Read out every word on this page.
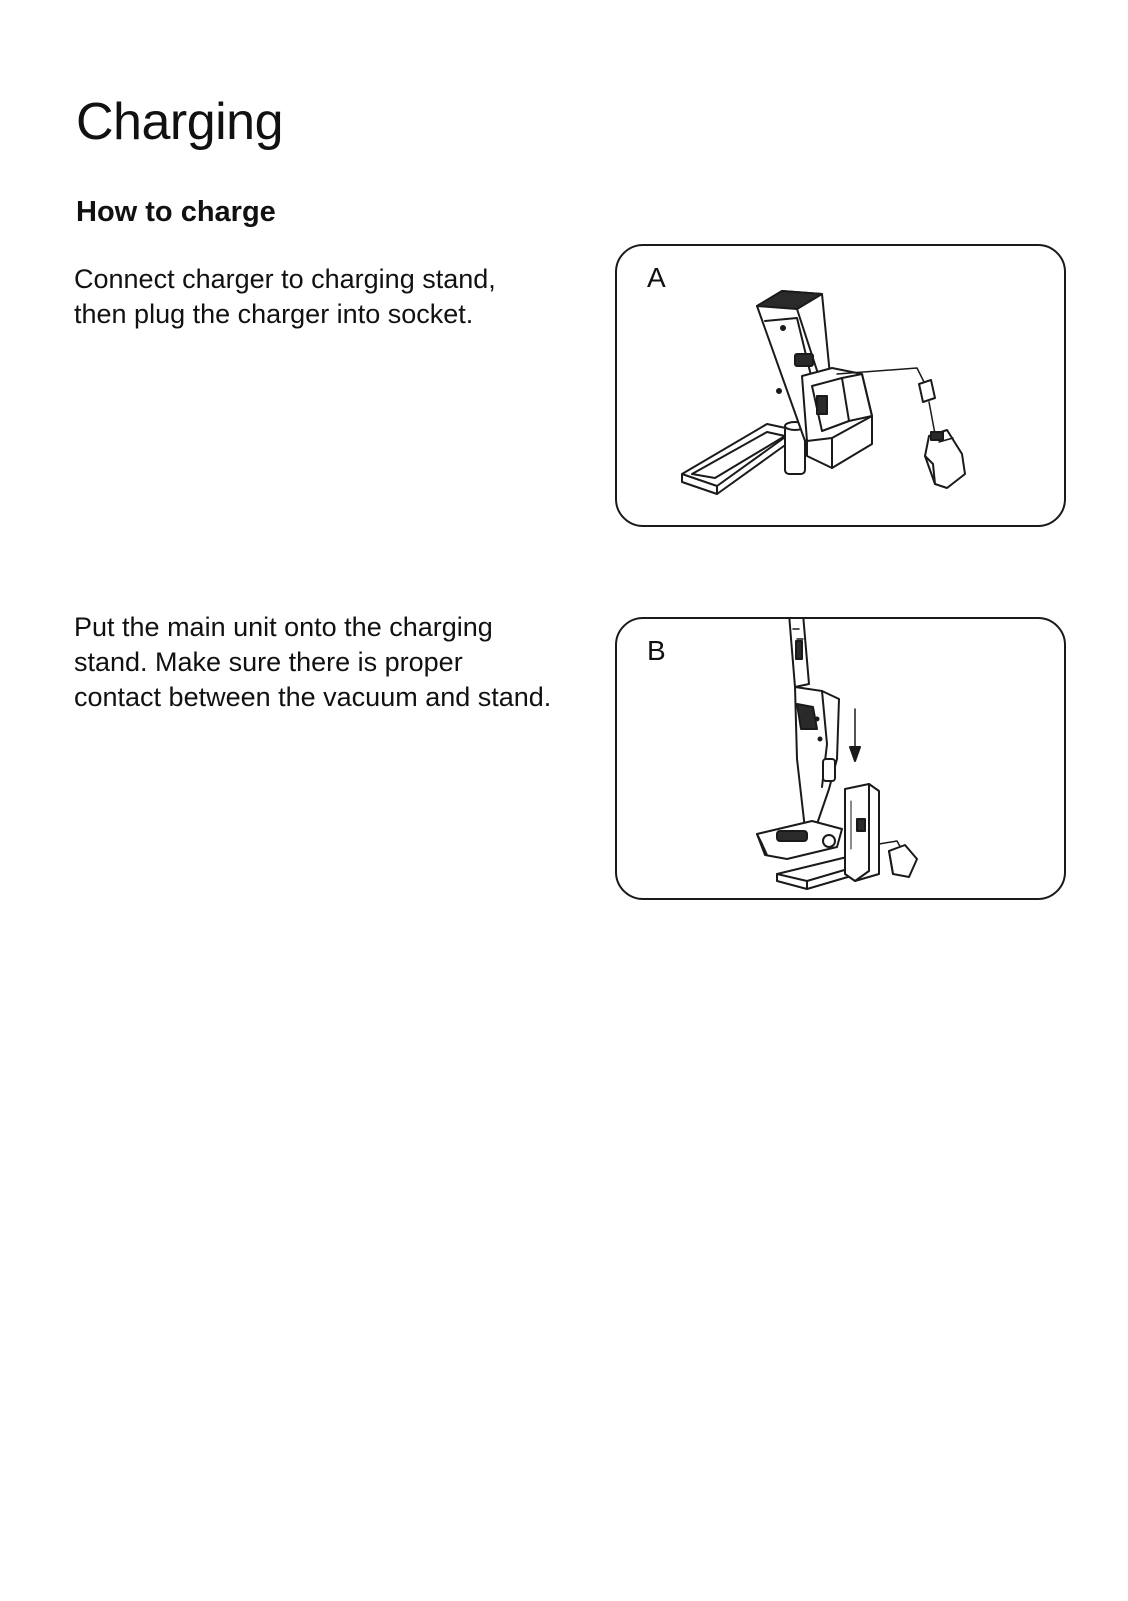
Charging
How to charge

Connect charger to charging stand, then plug the charger into socket.

A

Put the main unit onto the charging stand. Make sure there is proper contact between the vacuum and stand.

B
